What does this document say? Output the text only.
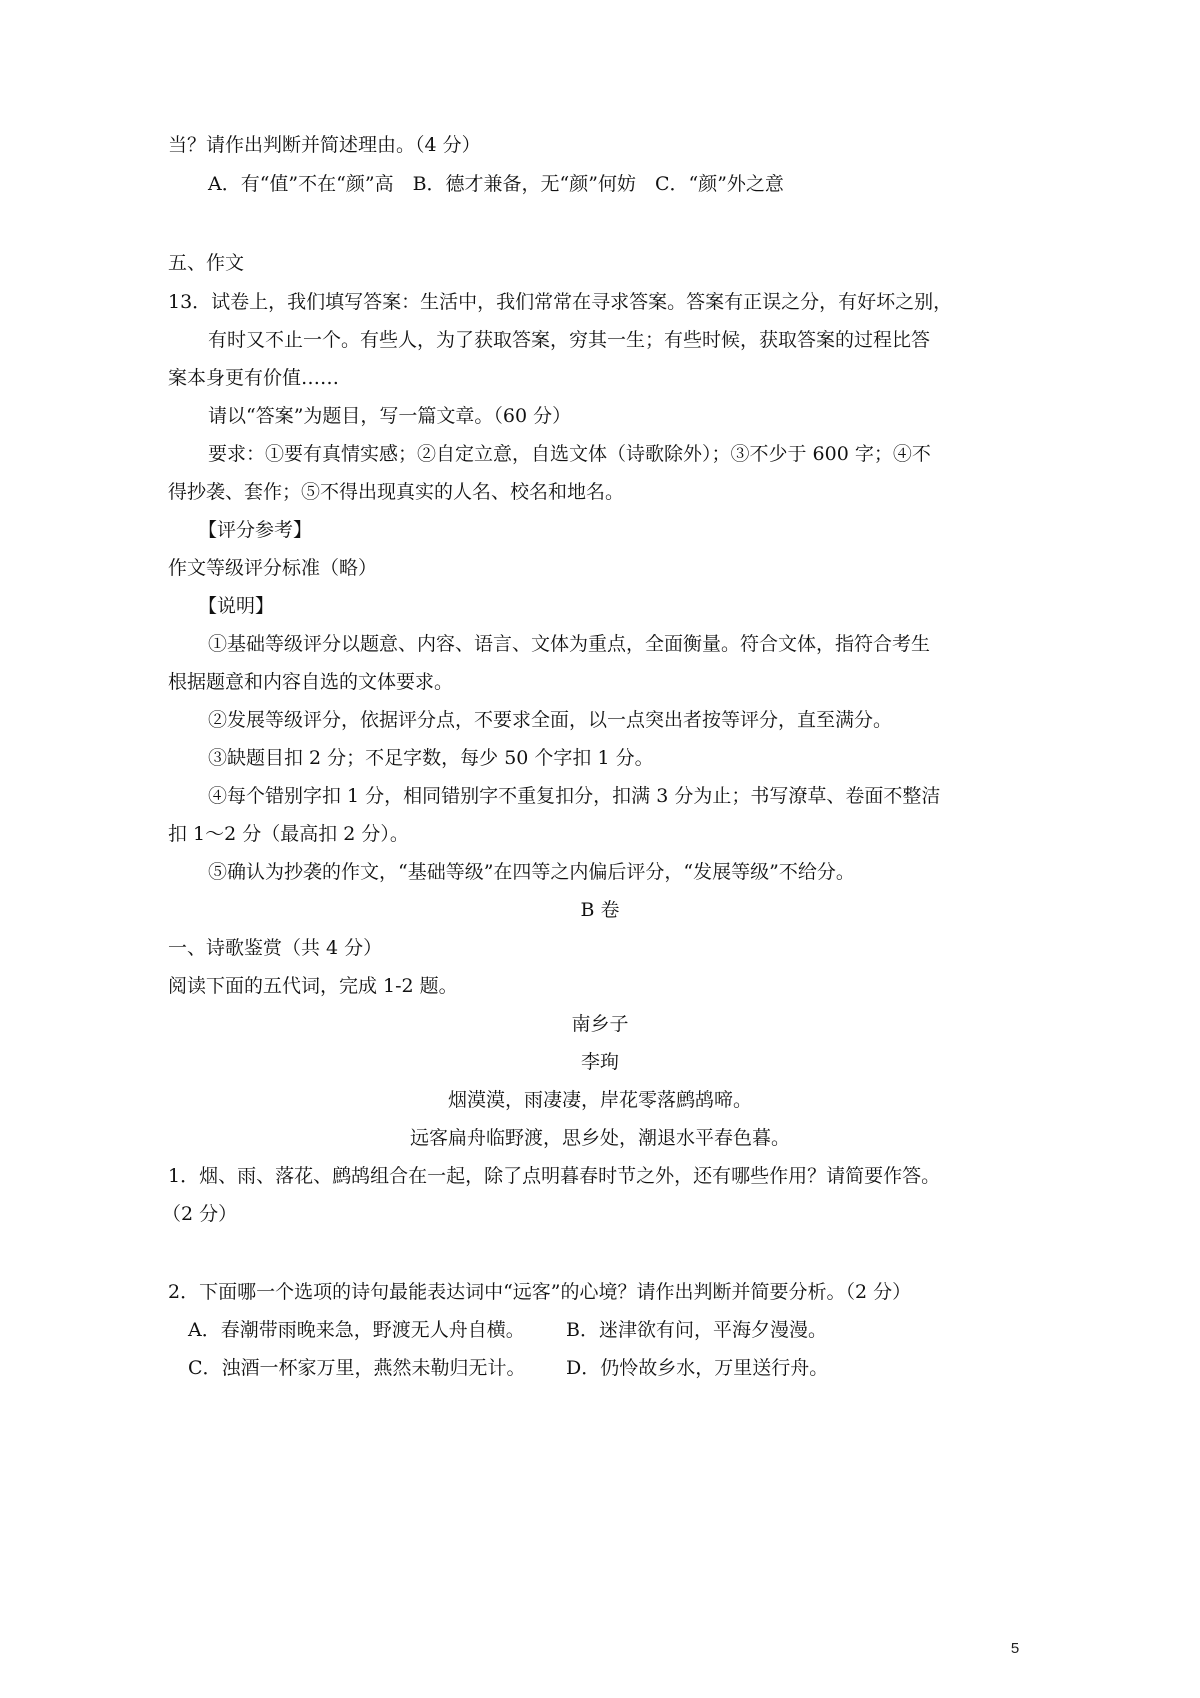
当？请作出判断并简述理由。（4 分）
A．有“值”不在“颜”高　B．德才兼备，无“颜”何妨　C．“颜”外之意
五、作文
13．试卷上，我们填写答案：生活中，我们常常在寻求答案。答案有正误之分，有好坏之别，
有时又不止一个。有些人，为了获取答案，穷其一生；有些时候，获取答案的过程比答
案本身更有价值……
请以“答案”为题目，写一篇文章。（60 分）
要求：①要有真情实感；②自定立意，自选文体（诗歌除外）；③不少于 600 字；④不
得抄袭、套作；⑤不得出现真实的人名、校名和地名。
【评分参考】
作文等级评分标准（略）
【说明】
①基础等级评分以题意、内容、语言、文体为重点，全面衡量。符合文体，指符合考生
根据题意和内容自选的文体要求。
②发展等级评分，依据评分点，不要求全面，以一点突出者按等评分，直至满分。
③缺题目扣 2 分；不足字数，每少 50 个字扣 1 分。
④每个错别字扣 1 分，相同错别字不重复扣分，扣满 3 分为止；书写潦草、卷面不整洁
扣 1～2 分（最高扣 2 分）。
⑤确认为抄袭的作文，“基础等级”在四等之内偏后评分，“发展等级”不给分。
B 卷
一、诗歌鉴赏（共 4 分）
阅读下面的五代词，完成 1-2 题。
南乡子
李珣
烟漠漠，雨凄凄，岸花零落鹧鸪啼。
远客扁舟临野渡，思乡处，潮退水平春色暮。
1．烟、雨、落花、鹧鸪组合在一起，除了点明暮春时节之外，还有哪些作用？请简要作答。
（2 分）
2．下面哪一个选项的诗句最能表达词中“远客”的心境？请作出判断并简要分析。（2 分）
A．春潮带雨晚来急，野渡无人舟自横。 B．迷津欲有问，平海夕漫漫。
C．浊酒一杯家万里，燕然未勒归无计。 D．仍怜故乡水，万里送行舟。
5
